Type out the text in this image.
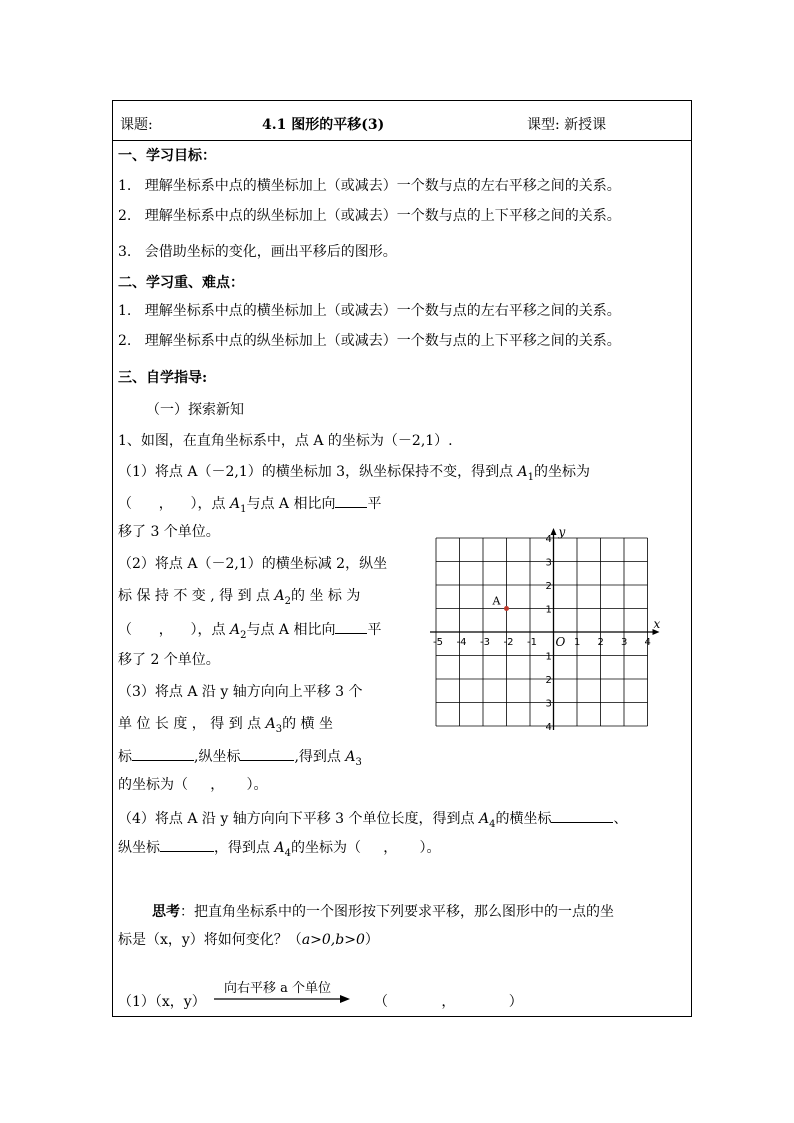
课题:	4.1 图形的平移(3)	课型: 新授课
一、学习目标：
1.   理解坐标系中点的横坐标加上（或减去）一个数与点的左右平移之间的关系。
2.   理解坐标系中点的纵坐标加上（或减去）一个数与点的上下平移之间的关系。
3.   会借助坐标的变化，画出平移后的图形。
二、学习重、难点：
1.   理解坐标系中点的横坐标加上（或减去）一个数与点的左右平移之间的关系。
2.   理解坐标系中点的纵坐标加上（或减去）一个数与点的上下平移之间的关系。
三、自学指导:
（一）探索新知
1、如图，在直角坐标系中，点 A 的坐标为（－2,1）.
（1）将点 A（－2,1）的横坐标加 3，纵坐标保持不变，得到点 $A_1$的坐标为
（      ，    ），点 $A_1$与点 A 相比向 平
移了 3 个单位。
（2）将点 A（－2,1）的横坐标减 2，纵坐
标 保 持 不 变 , 得 到 点 $A_2$的 坐 标 为
（      ，    ），点 $A_2$与点 A 相比向 平
移了 2 个单位。
（3）将点 A 沿 y 轴方向向上平移 3 个
单 位 长 度 ， 得 到 点 $A_3$的 横 坐
标	,纵坐标	,得到点 $A_3$
的坐标为（     ，     ）。
（4）将点 A 沿 y 轴方向向下平移 3 个单位长度，得到点 $A_4$的横坐标	、
纵坐标	，得到点 $A_4$的坐标为（     ，     ）。
思考：把直角坐标系中的一个图形按下列要求平移，那么图形中的一点的坐
标是（x，y）将如何变化？（a>0,b>0）
（1）（x，y）
向右平移 a 个单位
（            ，            ）
x
y
O
-5 -4 -3 -2 -1	1 2 3 4
4
3
2
1
1
2
3
4
A
